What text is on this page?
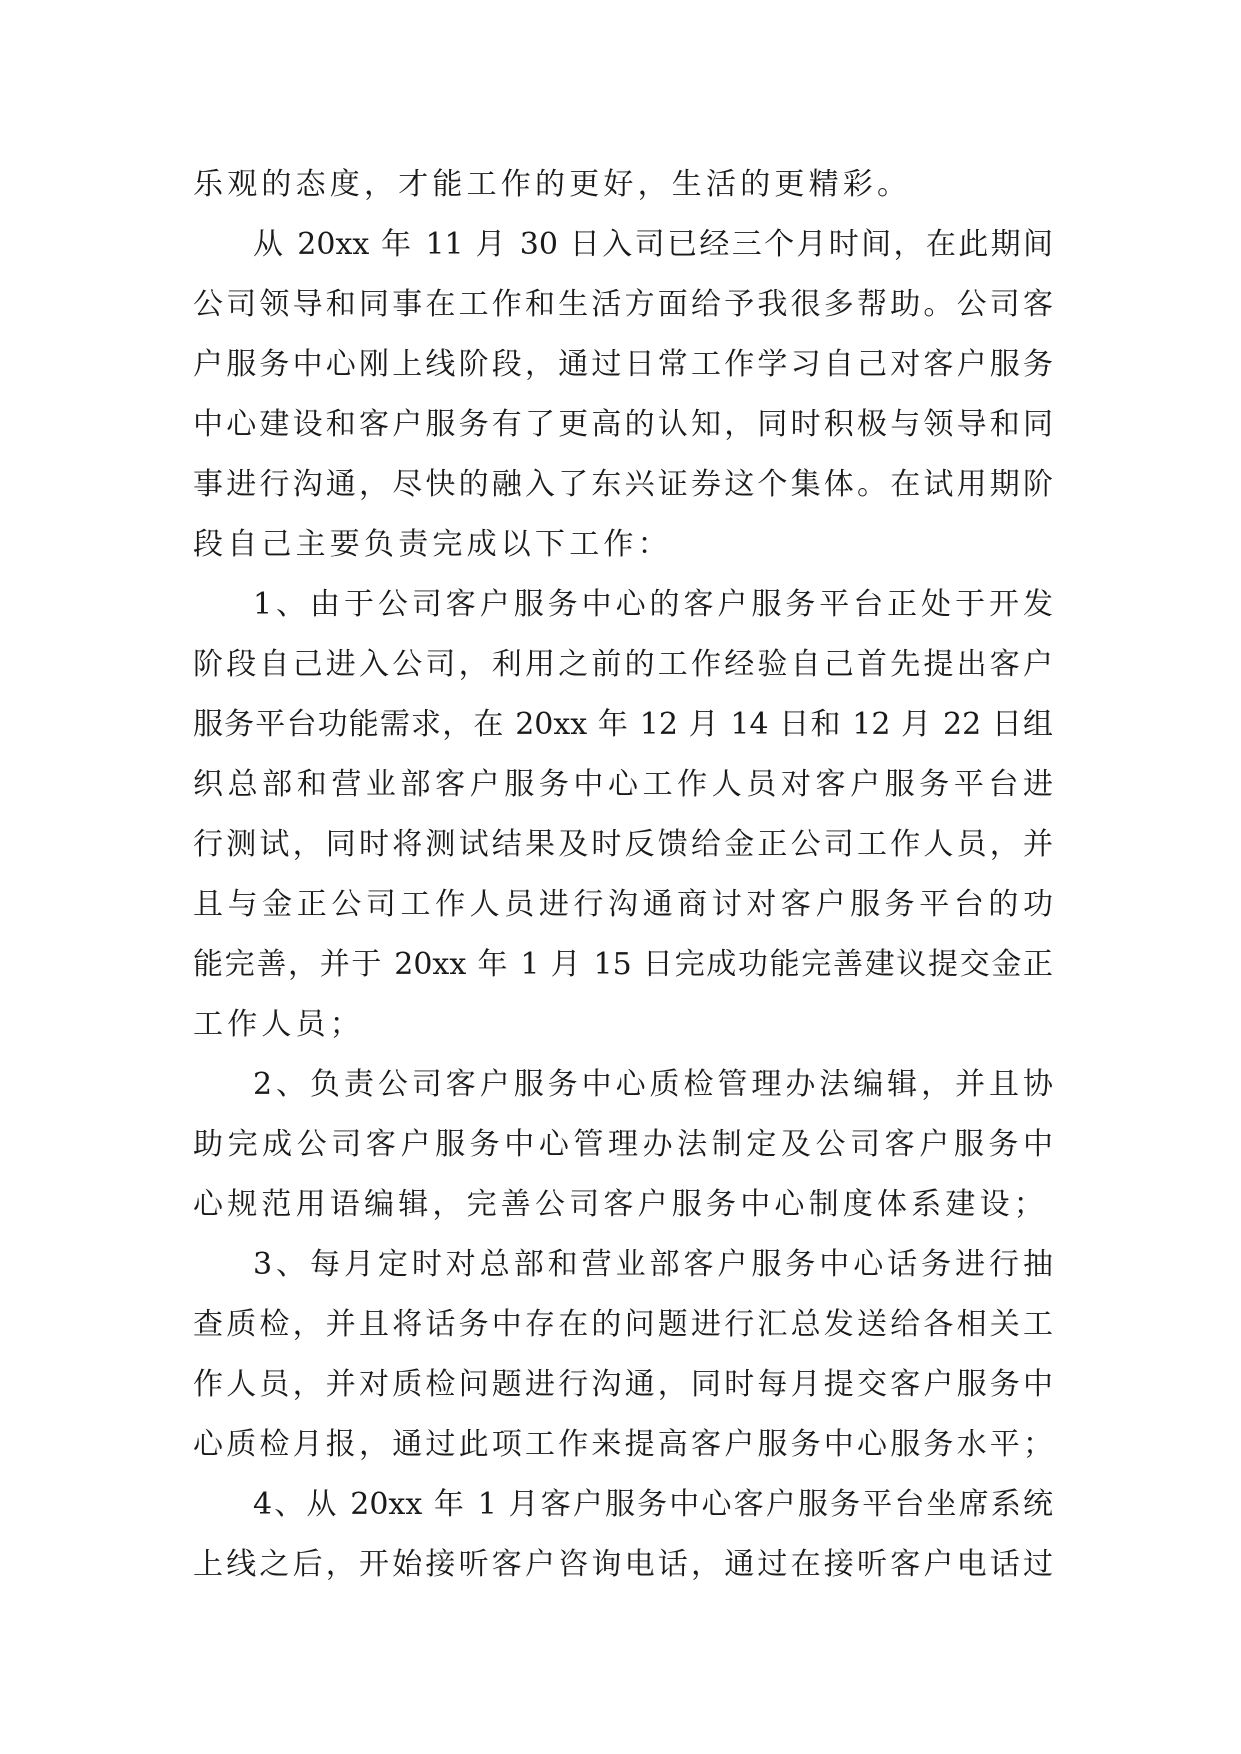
乐观的态度，才能工作的更好，生活的更精彩。
从 20xx 年 11 月 30 日入司已经三个月时间，在此期间
公司领导和同事在工作和生活方面给予我很多帮助。公司客
户服务中心刚上线阶段，通过日常工作学习自己对客户服务
中心建设和客户服务有了更高的认知，同时积极与领导和同
事进行沟通，尽快的融入了东兴证券这个集体。在试用期阶
段自己主要负责完成以下工作：
1、由于公司客户服务中心的客户服务平台正处于开发
阶段自己进入公司，利用之前的工作经验自己首先提出客户
服务平台功能需求，在 20xx 年 12 月 14 日和 12 月 22 日组
织总部和营业部客户服务中心工作人员对客户服务平台进
行测试，同时将测试结果及时反馈给金正公司工作人员，并
且与金正公司工作人员进行沟通商讨对客户服务平台的功
能完善，并于 20xx 年 1 月 15 日完成功能完善建议提交金正
工作人员；
2、负责公司客户服务中心质检管理办法编辑，并且协
助完成公司客户服务中心管理办法制定及公司客户服务中
心规范用语编辑，完善公司客户服务中心制度体系建设；
3、每月定时对总部和营业部客户服务中心话务进行抽
查质检，并且将话务中存在的问题进行汇总发送给各相关工
作人员，并对质检问题进行沟通，同时每月提交客户服务中
心质检月报，通过此项工作来提高客户服务中心服务水平；
4、从 20xx 年 1 月客户服务中心客户服务平台坐席系统
上线之后，开始接听客户咨询电话，通过在接听客户电话过
